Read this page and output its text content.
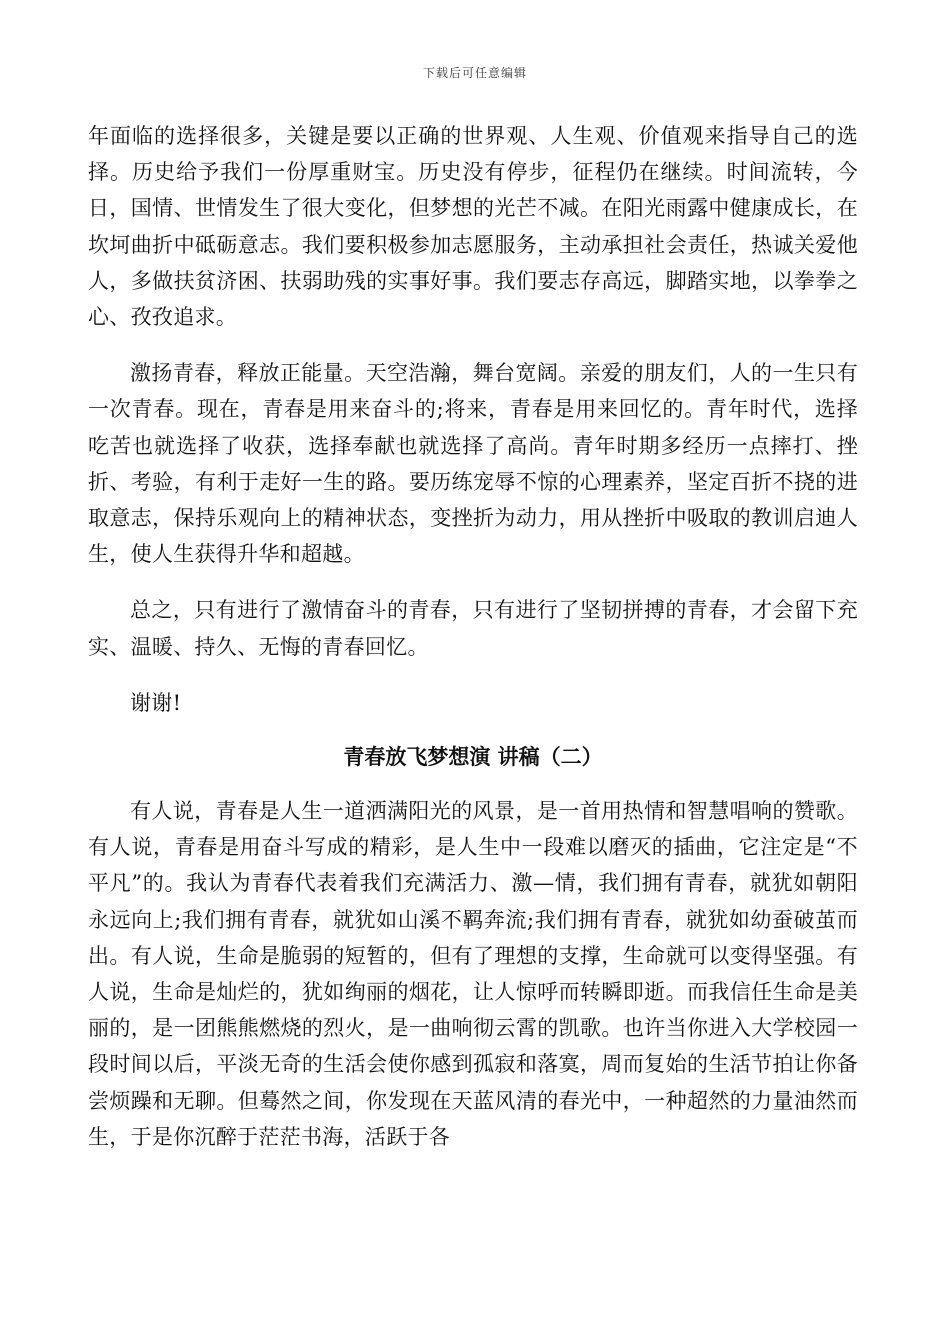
下载后可任意编辑

年面临的选择很多，关键是要以正确的世界观、人生观、价值观来指导自己的选择。历史给予我们一份厚重财宝。历史没有停步，征程仍在继续。时间流转，今日，国情、世情发生了很大变化，但梦想的光芒不减。在阳光雨露中健康成长，在坎坷曲折中砥砺意志。我们要积极参加志愿服务，主动承担社会责任，热诚关爱他人，多做扶贫济困、扶弱助残的实事好事。我们要志存高远，脚踏实地，以拳拳之心、孜孜追求。

激扬青春，释放正能量。天空浩瀚，舞台宽阔。亲爱的朋友们，人的一生只有一次青春。现在，青春是用来奋斗的;将来，青春是用来回忆的。青年时代，选择吃苦也就选择了收获，选择奉献也就选择了高尚。青年时期多经历一点摔打、挫折、考验，有利于走好一生的路。要历练宠辱不惊的心理素养，坚定百折不挠的进取意志，保持乐观向上的精神状态，变挫折为动力，用从挫折中吸取的教训启迪人生，使人生获得升华和超越。

总之，只有进行了激情奋斗的青春，只有进行了坚韧拼搏的青春，才会留下充实、温暖、持久、无悔的青春回忆。

谢谢!

青春放飞梦想演 讲稿（二）

有人说，青春是人生一道洒满阳光的风景，是一首用热情和智慧唱响的赞歌。有人说，青春是用奋斗写成的精彩，是人生中一段难以磨灭的插曲，它注定是“不平凡”的。我认为青春代表着我们充满活力、激—情，我们拥有青春，就犹如朝阳永远向上;我们拥有青春，就犹如山溪不羁奔流;我们拥有青春，就犹如幼蚕破茧而出。有人说，生命是脆弱的短暂的，但有了理想的支撑，生命就可以变得坚强。有人说，生命是灿烂的，犹如绚丽的烟花，让人惊呼而转瞬即逝。而我信任生命是美丽的，是一团熊熊燃烧的烈火，是一曲响彻云霄的凯歌。也许当你进入大学校园一段时间以后，平淡无奇的生活会使你感到孤寂和落寞，周而复始的生活节拍让你备尝烦躁和无聊。但蓦然之间，你发现在天蓝风清的春光中，一种超然的力量油然而生，于是你沉醉于茫茫书海，活跃于各
